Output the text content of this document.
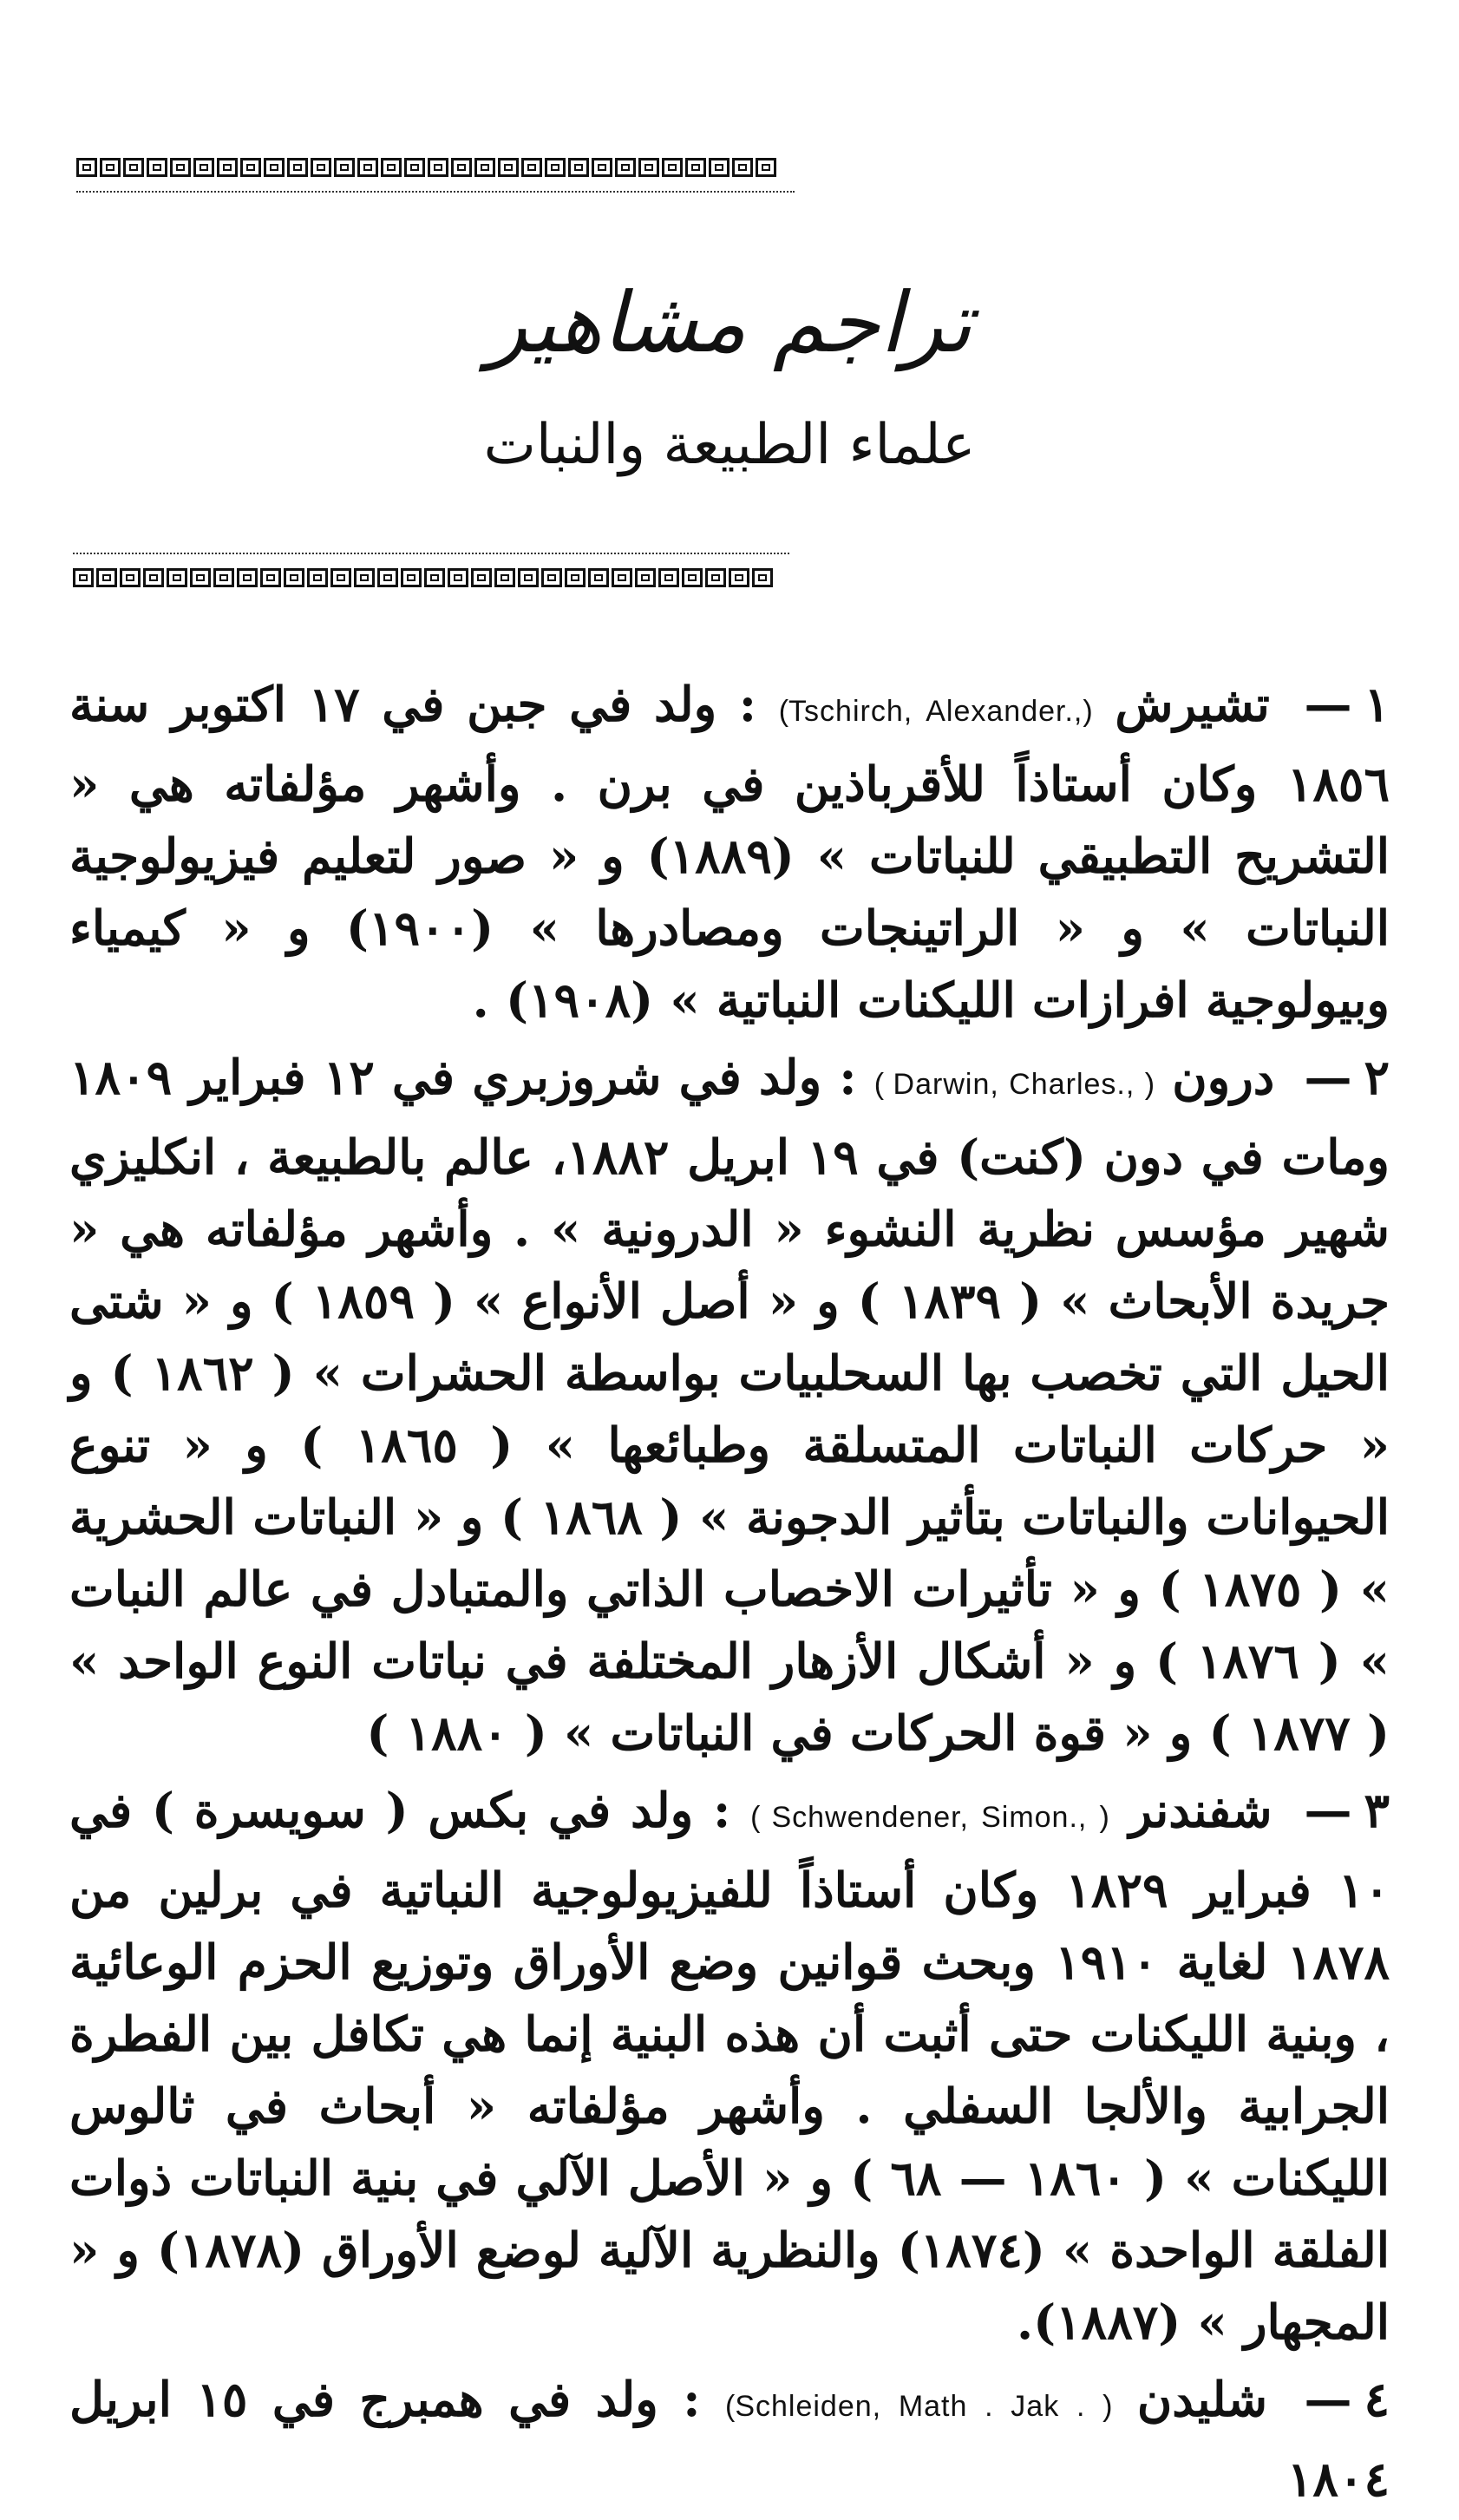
تراجم مشاهير
علماء الطبيعة والنبات

١— تشيرش (Tschirch, Alexander.,) : ولد في جبن في ١٧ اكتوبر سنة ١٨٥٦ وكان أستاذاً للأقرباذين في برن . وأشهر مؤلفاته هي « التشريح التطبيقي للنباتات » (١٨٨٩) و « صور لتعليم فيزيولوجية النباتات » و « الراتينجات ومصادرها » (١٩٠٠) و « كيمياء وبيولوجية افرازات الليكنات النباتية » (١٩٠٨) .

٢— درون ( Darwin, Charles., ) : ولد في شروزبري في ١٢ فبراير ١٨٠٩ ومات في دون (كنت) في ١٩ ابريل ١٨٨٢، عالم بالطبيعة ، انكليزي شهير مؤسس نظرية النشوء « الدرونية » . وأشهر مؤلفاته هي « جريدة الأبحاث » ( ١٨٣٩ ) و « أصل الأنواع » ( ١٨٥٩ ) و « شتى الحيل التي تخصب بها السحلبيات بواسطة الحشرات » ( ١٨٦٢ ) و « حركات النباتات المتسلقة وطبائعها » ( ١٨٦٥ ) و « تنوع الحيوانات والنباتات بتأثير الدجونة » ( ١٨٦٨ ) و « النباتات الحشرية » ( ١٨٧٥ ) و « تأثيرات الاخصاب الذاتي والمتبادل في عالم النبات » ( ١٨٧٦ ) و « أشكال الأزهار المختلفة في نباتات النوع الواحد » ( ١٨٧٧ ) و « قوة الحركات في النباتات » ( ١٨٨٠ )

٣— شفندنر ( Schwendener, Simon., ) : ولد في بكس ( سويسرة ) في ١٠ فبراير ١٨٢٩ وكان أستاذاً للفيزيولوجية النباتية في برلين من ١٨٧٨ لغاية ١٩١٠ وبحث قوانين وضع الأوراق وتوزيع الحزم الوعائية ، وبنية الليكنات حتى أثبت أن هذه البنية إنما هي تكافل بين الفطرة الجرابية والألجا السفلي . وأشهر مؤلفاته « أبحاث في ثالوس الليكنات » ( ١٨٦٠ — ٦٨ ) و « الأصل الآلي في بنية النباتات ذوات الفلقة الواحدة » (١٨٧٤) والنظرية الآلية لوضع الأوراق (١٨٧٨) و « المجهار » (١٨٨٧).

٤— شليدن (Schleiden, Math . Jak . ) : ولد في همبرج في ١٥ ابريل ١٨٠٤
